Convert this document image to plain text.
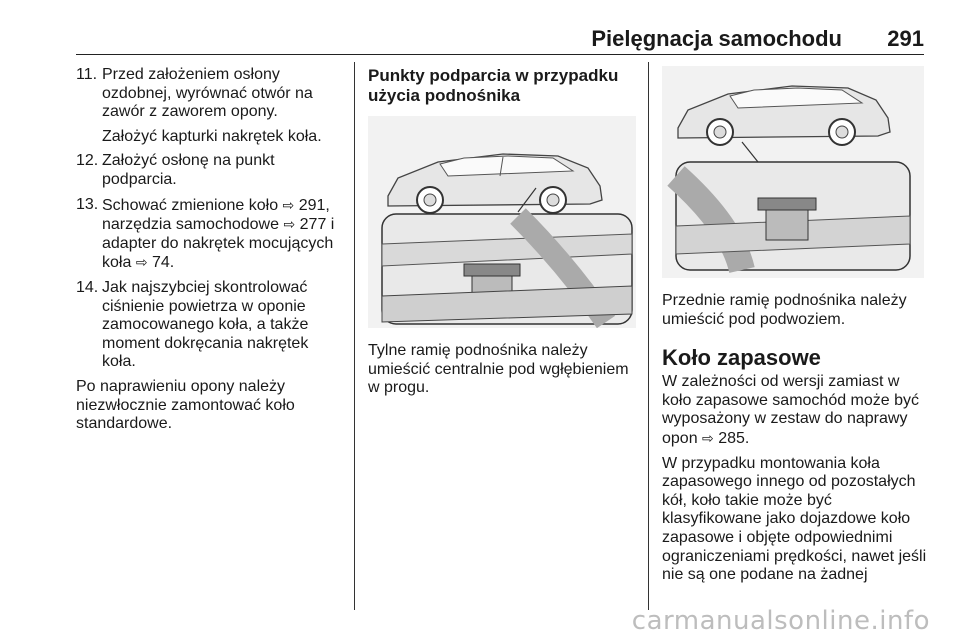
Pielęgnacja samochodu 291
11. Przed założeniem osłony ozdobnej, wyrównać otwór na zawór z zaworem opony.

Założyć kapturki nakrętek koła.

12. Założyć osłonę na punkt podparcia.
13. Schować zmienione koło ⇨ 291, narzędzia samochodowe ⇨ 277 i adapter do nakrętek mocujących koła ⇨ 74.
14. Jak najszybciej skontrolować ciśnienie powietrza w oponie zamocowanego koła, a także moment dokręcania nakrętek koła.

Po naprawieniu opony należy niezwłocznie zamontować koło standardowe.

Punkty podparcia w przypadku użycia podnośnika

Tylne ramię podnośnika należy umieścić centralnie pod wgłębieniem w progu.

Przednie ramię podnośnika należy umieścić pod podwoziem.

Koło zapasowe

W zależności od wersji zamiast w koło zapasowe samochód może być wyposażony w zestaw do naprawy opon ⇨ 285.

W przypadku montowania koła zapasowego innego od pozostałych kół, koło takie może być klasyfikowane jako dojazdowe koło zapasowe i objęte odpowiednimi ograniczeniami prędkości, nawet jeśli nie są one podane na żadnej

carmanualsonline.info
